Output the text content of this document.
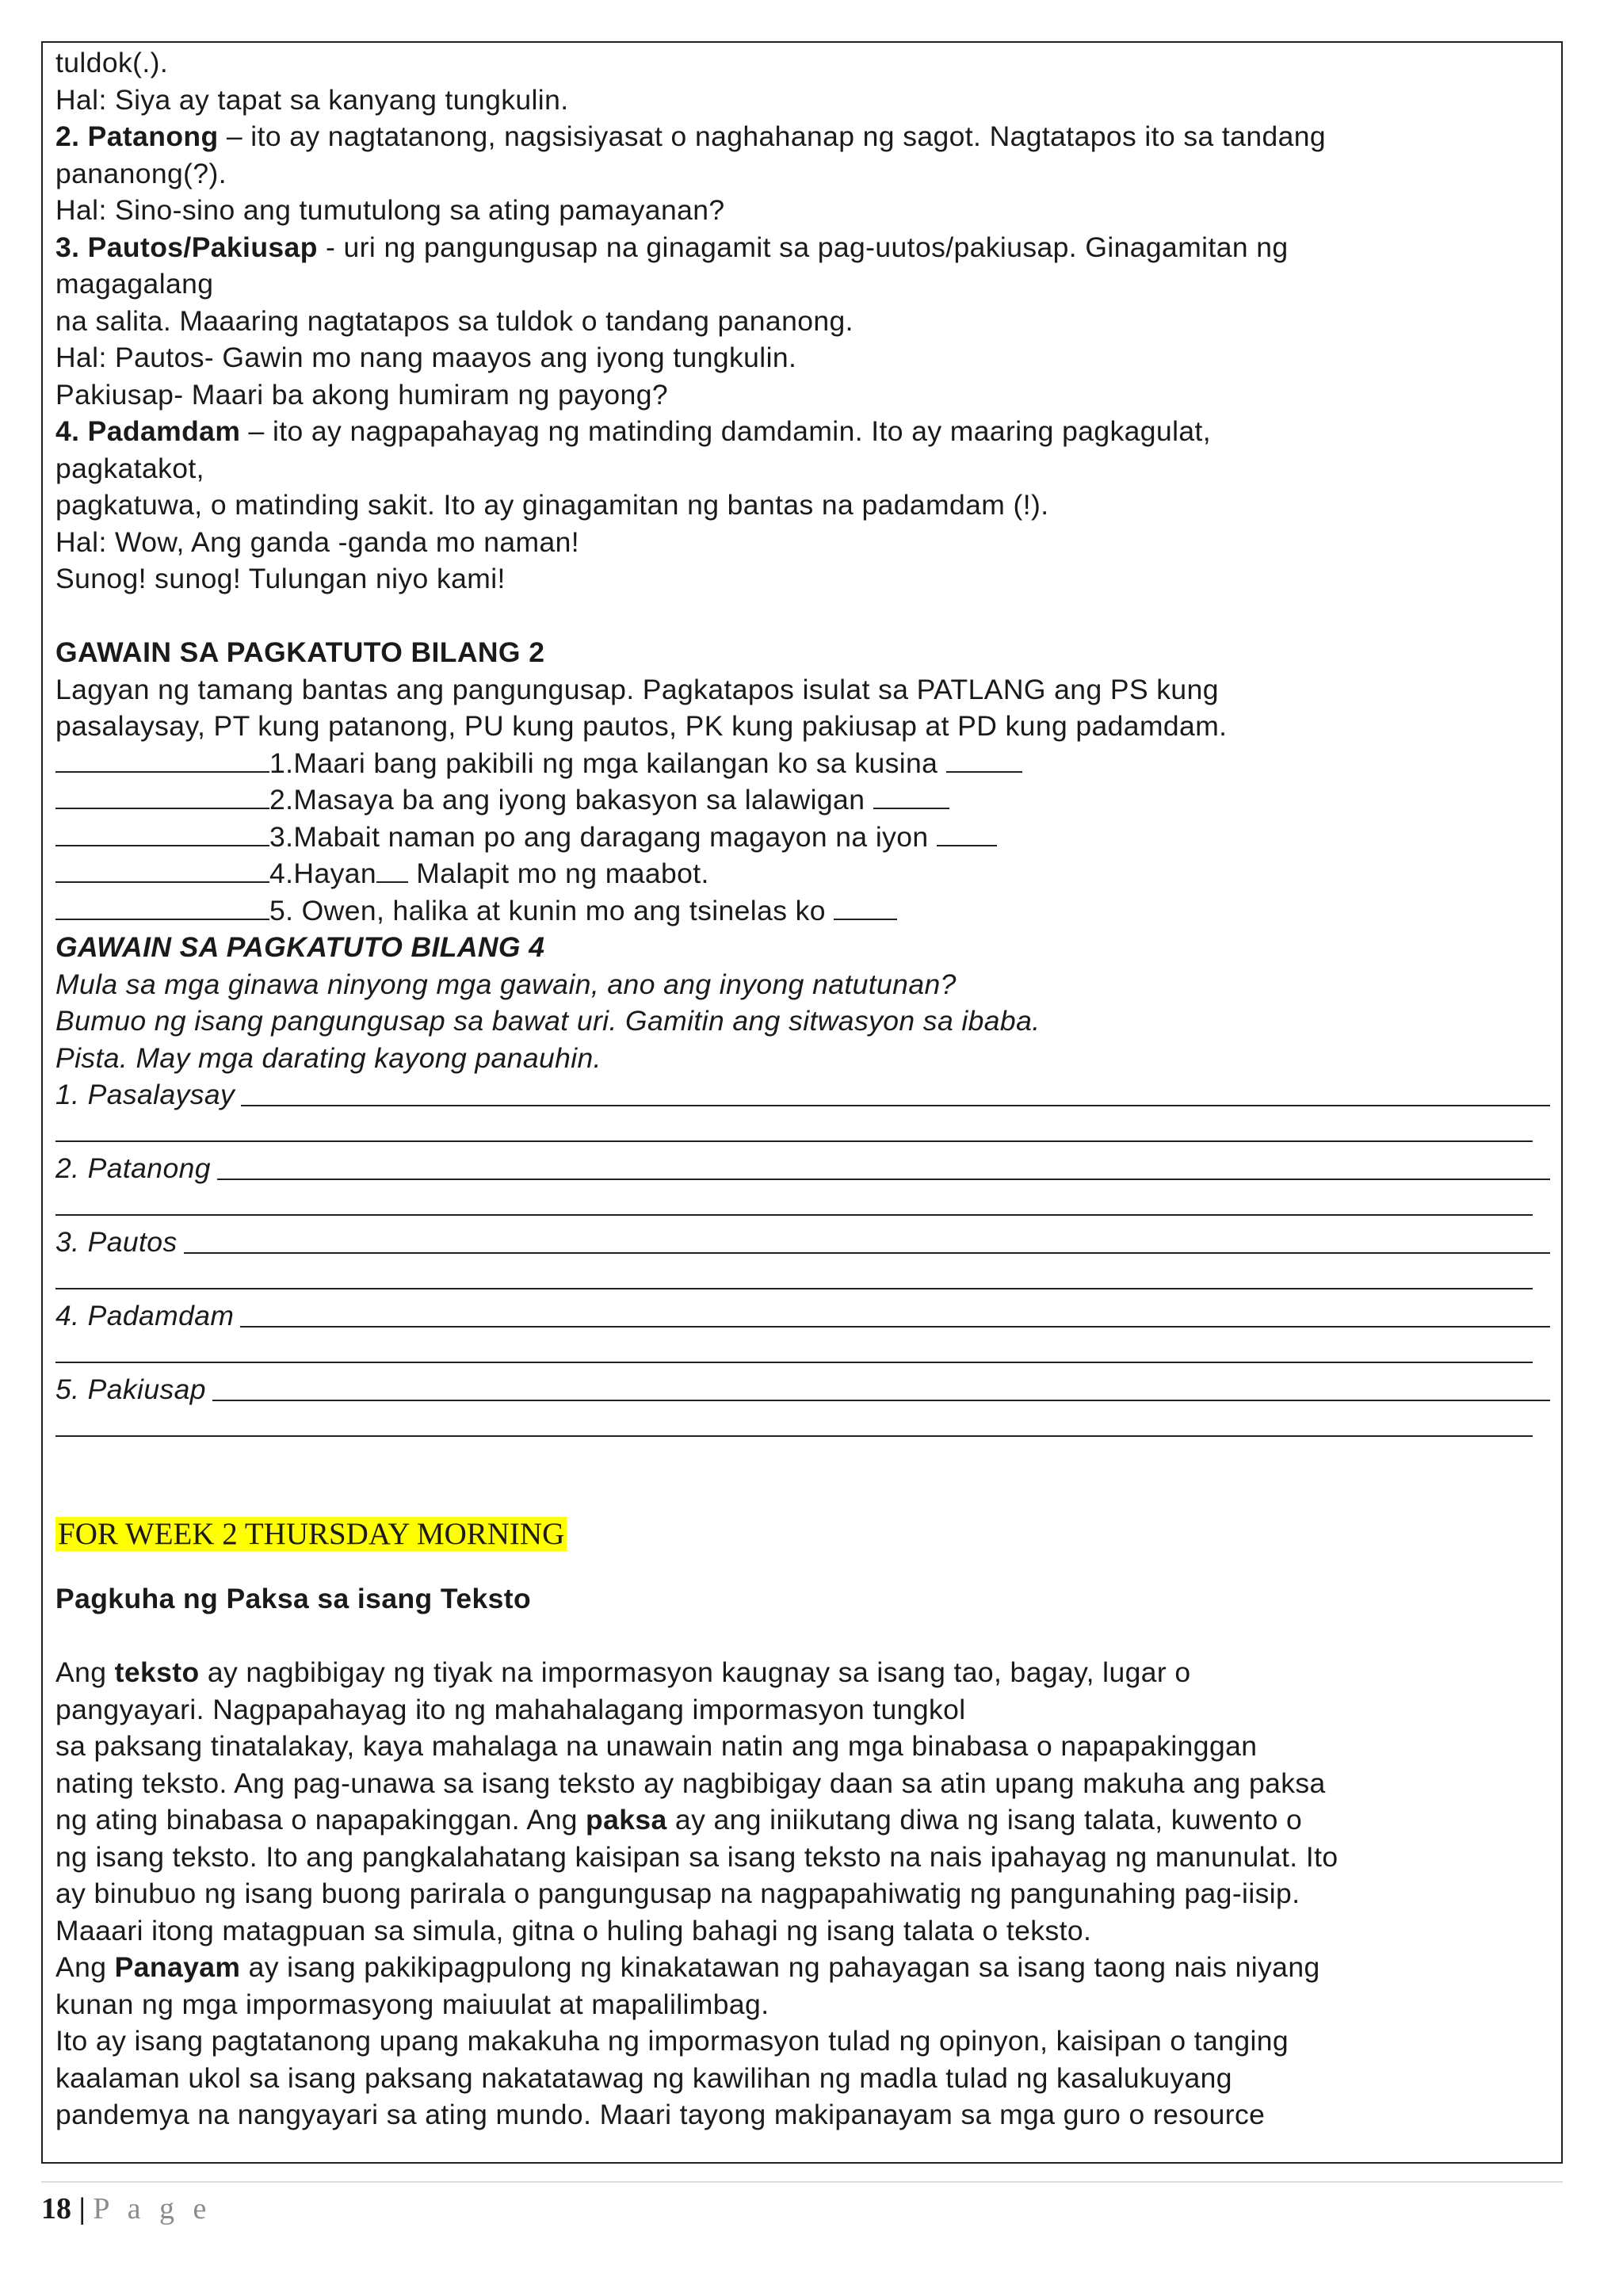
tuldok(.).
Hal: Siya ay tapat sa kanyang tungkulin.
2. Patanong – ito ay nagtatanong, nagsisiyasat o naghahanap ng sagot. Nagtatapos ito sa tandang
pananong(?).
Hal: Sino-sino ang tumutulong sa ating pamayanan?
3. Pautos/Pakiusap - uri ng pangungusap na ginagamit sa pag-uutos/pakiusap. Ginagamitan ng
magagalang
na salita. Maaaring nagtatapos sa tuldok o tandang pananong.
Hal: Pautos- Gawin mo nang maayos ang iyong tungkulin.
Pakiusap- Maari ba akong humiram ng payong?
4. Padamdam – ito ay nagpapahayag ng matinding damdamin. Ito ay maaring pagkagulat,
pagkatakot,
pagkatuwa, o matinding sakit. Ito ay ginagamitan ng bantas na padamdam (!).
Hal: Wow, Ang ganda -ganda mo naman!
Sunog! sunog! Tulungan niyo kami!
GAWAIN SA PAGKATUTO BILANG 2
Lagyan ng tamang bantas ang pangungusap. Pagkatapos isulat sa PATLANG ang PS kung
pasalaysay, PT kung patanong, PU kung pautos, PK kung pakiusap at PD kung padamdam.
1.Maari bang pakibili ng mga kailangan ko sa kusina
2.Masaya ba ang iyong bakasyon sa lalawigan
3.Mabait naman po ang daragang magayon na iyon
4.Hayan Malapit mo ng maabot.
5. Owen, halika at kunin mo ang tsinelas ko
GAWAIN SA PAGKATUTO BILANG 4
Mula sa mga ginawa ninyong mga gawain, ano ang inyong natutunan?
Bumuo ng isang pangungusap sa bawat uri. Gamitin ang sitwasyon sa ibaba.
Pista. May mga darating kayong panauhin.
1. Pasalaysay
2. Patanong
3. Pautos
4. Padamdam
5. Pakiusap
FOR WEEK 2 THURSDAY MORNING
Pagkuha ng Paksa sa isang Teksto
Ang teksto ay nagbibigay ng tiyak na impormasyon kaugnay sa isang tao, bagay, lugar o
pangyayari. Nagpapahayag ito ng mahahalagang impormasyon tungkol
sa paksang tinatalakay, kaya mahalaga na unawain natin ang mga binabasa o napapakinggan
nating teksto. Ang pag-unawa sa isang teksto ay nagbibigay daan sa atin upang makuha ang paksa
ng ating binabasa o napapakinggan. Ang paksa ay ang iniikutang diwa ng isang talata, kuwento o
ng isang teksto. Ito ang pangkalahatang kaisipan sa isang teksto na nais ipahayag ng manunulat. Ito
ay binubuo ng isang buong parirala o pangungusap na nagpapahiwatig ng pangunahing pag-iisip.
Maaari itong matagpuan sa simula, gitna o huling bahagi ng isang talata o teksto.
Ang Panayam ay isang pakikipagpulong ng kinakatawan ng pahayagan sa isang taong nais niyang
kunan ng mga impormasyong maiuulat at mapalilimbag.
Ito ay isang pagtatanong upang makakuha ng impormasyon tulad ng opinyon, kaisipan o tanging
kaalaman ukol sa isang paksang nakatatawag ng kawilihan ng madla tulad ng kasalukuyang
pandemya na nangyayari sa ating mundo. Maari tayong makipanayam sa mga guro o resource
18 | P a g e
